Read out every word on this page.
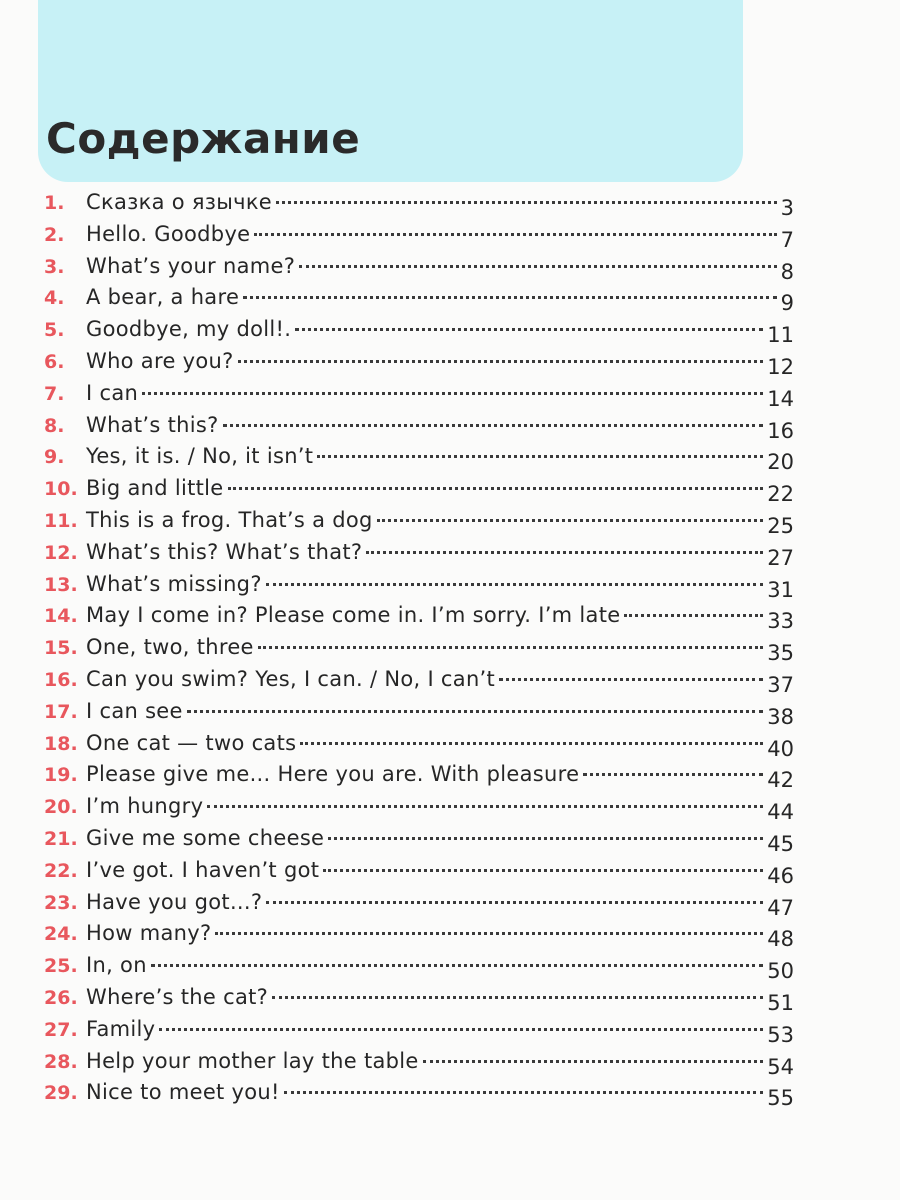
Содержание
1.	Сказка о язычке	3
2.	Hello. Goodbye	7
3.	What’s your name?	8
4.	A bear, a hare	9
5.	Goodbye, my doll!.	11
6.	Who are you?	12
7.	I can	14
8.	What’s this?	16
9.	Yes, it is. / No, it isn’t	20
10. Big and little	22
11. This is a frog. That’s a dog	25
12. What’s this? What’s that?	27
13. What’s missing?	31
14. May I come in? Please come in. I’m sorry. I’m late	33
15. One, two, three	35
16. Can you swim? Yes, I can. / No, I can’t	37
17. I can see	38
18. One cat — two cats	40
19. Please give me... Here you are. With pleasure	42
20. I’m hungry	44
21. Give me some cheese	45
22. I’ve got. I haven’t got	46
23. Have you got...?	47
24. How many?	48
25. In, on	50
26. Where’s the cat?	51
27. Family	53
28. Help your mother lay the table	54
29. Nice to meet you!	55
